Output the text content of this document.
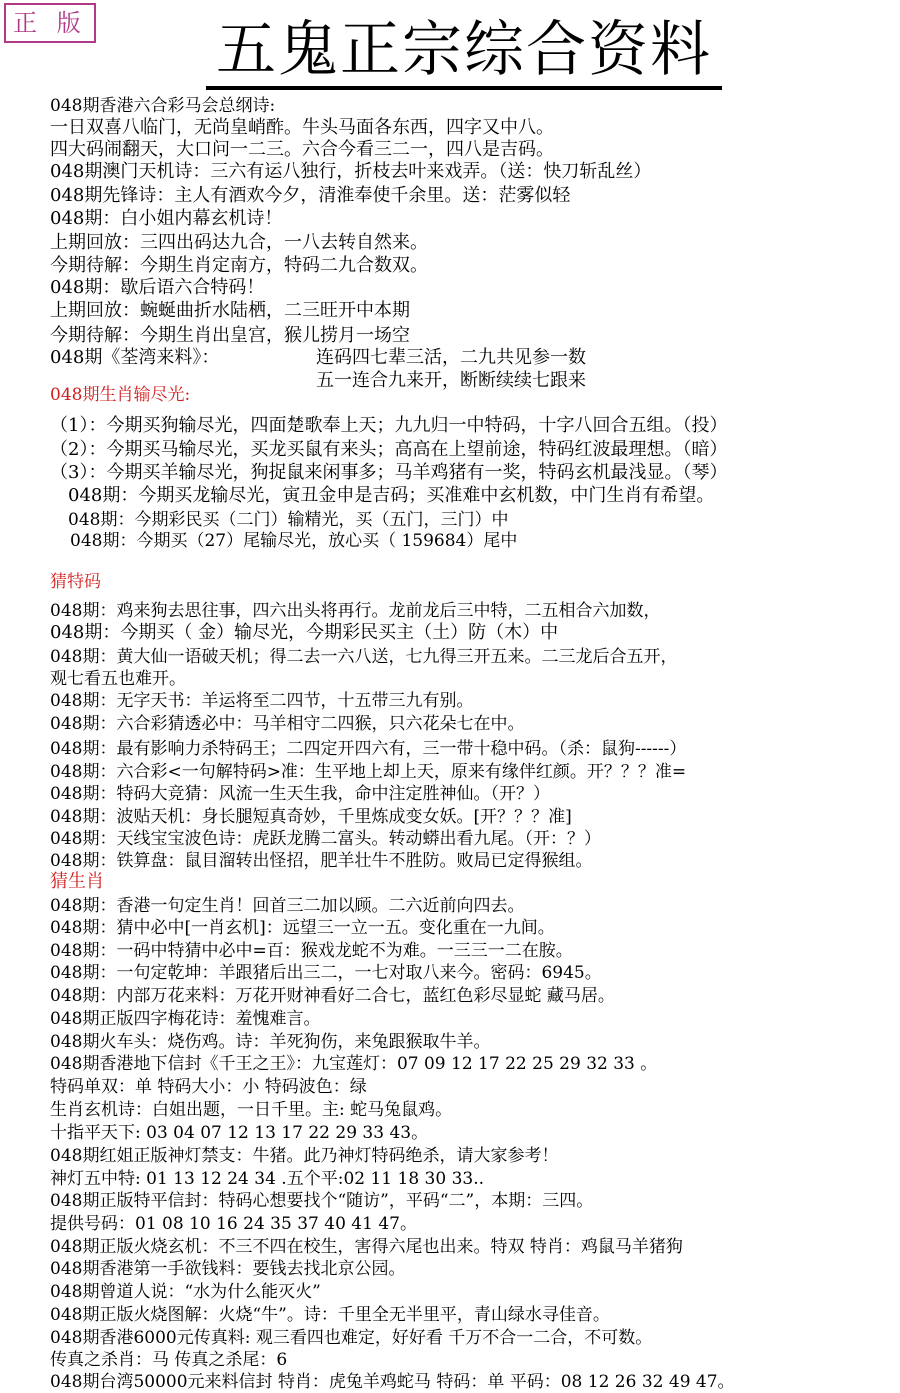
正 版 五鬼正宗综合资料
048期香港六合彩马会总纲诗:
一日双喜八临门，无尚皇峭酢。牛头马面各东西，四字又中八。
四大码闹翻天，大口问一二三。六合今看三二一，四八是吉码。
048期澳门天机诗：三六有运八独行，折枝去叶来戏弄。（送：快刀斩乱丝）
048期先锋诗：主人有酒欢今夕，清淮奉使千余里。送：茫雾似轻
048期：白小姐内幕玄机诗！
上期回放：三四出码达九合，一八去转自然来。
今期待解：今期生肖定南方，特码二九合数双。
048期：歇后语六合特码！
上期回放：蜿蜒曲折水陆栖，二三旺开中本期
今期待解：今期生肖出皇宫，猴儿捞月一场空
048期《荃湾来料》：	连码四七辈三活，二九共见参一数
五一连合九来开，断断续续七跟来
048期生肖输尽光:
（1）：今期买狗输尽光，四面楚歌奉上天；九九归一中特码，十字八回合五组。（投）
（2）：今期买马输尽光，买龙买鼠有来头；高高在上望前途，特码红波最理想。（暗）
（3）：今期买羊输尽光，狗捉鼠来闲事多；马羊鸡猪有一奖，特码玄机最浅显。（琴）
048期：今期买龙输尽光，寅丑金申是吉码；买准难中玄机数，中门生肖有希望。
048期：今期彩民买（二门）输精光，买（五门，三门）中
048期：今期买（27）尾输尽光，放心买（ 159684）尾中
猜特码
048期：鸡来狗去思往事，四六出头将再行。龙前龙后三中特，二五相合六加数，
048期：今期买（ 金）输尽光，今期彩民买主（土）防（木）中
048期：黄大仙一语破天机；得二去一六八送，七九得三开五来。二三龙后合五开，
观七看五也难开。
048期：无字天书：羊运将至二四节，十五带三九有别。
048期：六合彩猜透必中：马羊相守二四猴，只六花朵七在中。
048期：最有影响力杀特码王；二四定开四六有，三一带十稳中码。（杀：鼠狗------）
048期：六合彩<一句解特码>准：生平地上却上天，原来有缘伴红颜。开？？？准=
048期：特码大竞猜：风流一生天生我，命中注定胜神仙。（开？）
048期：波贴天机：身长腿短真奇妙，千里炼成变女妖。[开？？？准]
048期：天线宝宝波色诗：虎跃龙腾二富头。转动蟒出看九尾。（开：？）
048期：铁算盘：鼠目溜转出怪招，肥羊壮牛不胜防。败局已定得猴组。
猜生肖
048期：香港一句定生肖！回首三二加以顾。二六近前向四去。
048期：猜中必中[一肖玄机]：远望三一立一五。变化重在一九间。
048期：一码中特猜中必中=百：猴戏龙蛇不为难。一三三一二在胺。
048期：一句定乾坤：羊跟猪后出三二，一七对取八来今。密码：6945。
048期：内部万花来料：万花开财神看好二合七，蓝红色彩尽显蛇 藏马居。
048期正版四字梅花诗：羞愧难言。
048期火车头：烧伤鸡。诗：羊死狗伤，来兔跟猴取牛羊。
048期香港地下信封《千王之王》：九宝莲灯：07 09 12 17 22 25 29 32 33 。
特码单双：单 特码大小：小 特码波色：绿
生肖玄机诗：白姐出题，一日千里。主: 蛇马兔鼠鸡。
十指平天下: 03 04 07 12 13 17 22 29 33 43。
048期红姐正版神灯禁支：牛猪。此乃神灯特码绝杀，请大家参考！
神灯五中特: 01 13 12 24 34 .五个平:02 11 18 30 33..
048期正版特平信封：特码心想要找个“随访”，平码“二”，本期：三四。
提供号码：01 08 10 16 24 35 37 40 41 47。
048期正版火烧玄机：不三不四在校生，害得六尾也出来。特双 特肖：鸡鼠马羊猪狗
048期香港第一手欲钱料：要钱去找北京公园。
048期曾道人说：“水为什么能灭火”
048期正版火烧图解：火烧“牛”。诗：千里全无半里平，青山绿水寻佳音。
048期香港6000元传真料: 观三看四也难定，好好看 千万不合一二合，不可数。
传真之杀肖：马 传真之杀尾：6
048期台湾50000元来料信封 特肖：虎兔羊鸡蛇马 特码：单 平码：08 12 26 32 49 47。
